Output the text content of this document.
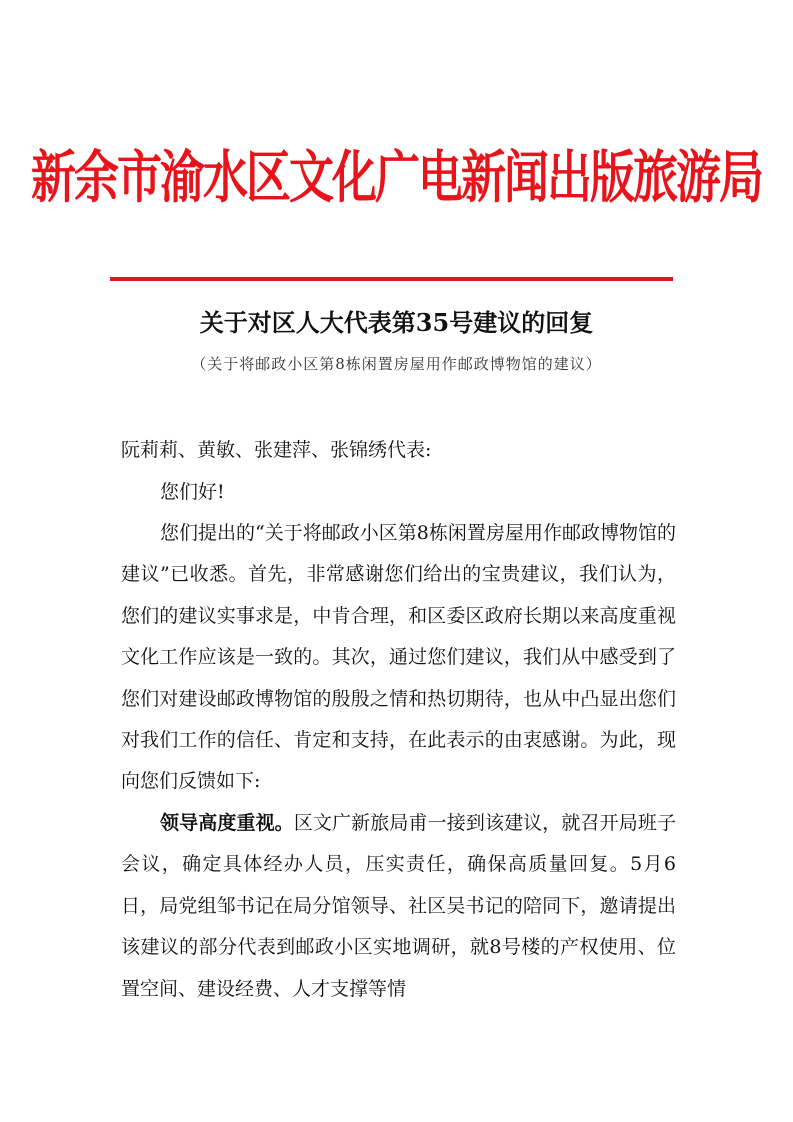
新余市渝水区文化广电新闻出版旅游局
关于对区人大代表第35号建议的回复
（关于将邮政小区第8栋闲置房屋用作邮政博物馆的建议）
阮莉莉、黄敏、张建萍、张锦绣代表:
您们好!

您们提出的“关于将邮政小区第8栋闲置房屋用作邮政博物馆的建议”已收悉。首先，非常感谢您们给出的宝贵建议，我们认为，您们的建议实事求是，中肯合理，和区委区政府长期以来高度重视文化工作应该是一致的。其次，通过您们建议，我们从中感受到了您们对建设邮政博物馆的殷殷之情和热切期待，也从中凸显出您们对我们工作的信任、肯定和支持，在此表示的由衷感谢。为此，现向您们反馈如下:

领导高度重视。区文广新旅局甫一接到该建议，就召开局班子会议，确定具体经办人员，压实责任，确保高质量回复。5月6日，局党组邹书记在局分馆领导、社区吴书记的陪同下，邀请提出该建议的部分代表到邮政小区实地调研，就8号楼的产权使用、位置空间、建设经费、人才支撑等情
